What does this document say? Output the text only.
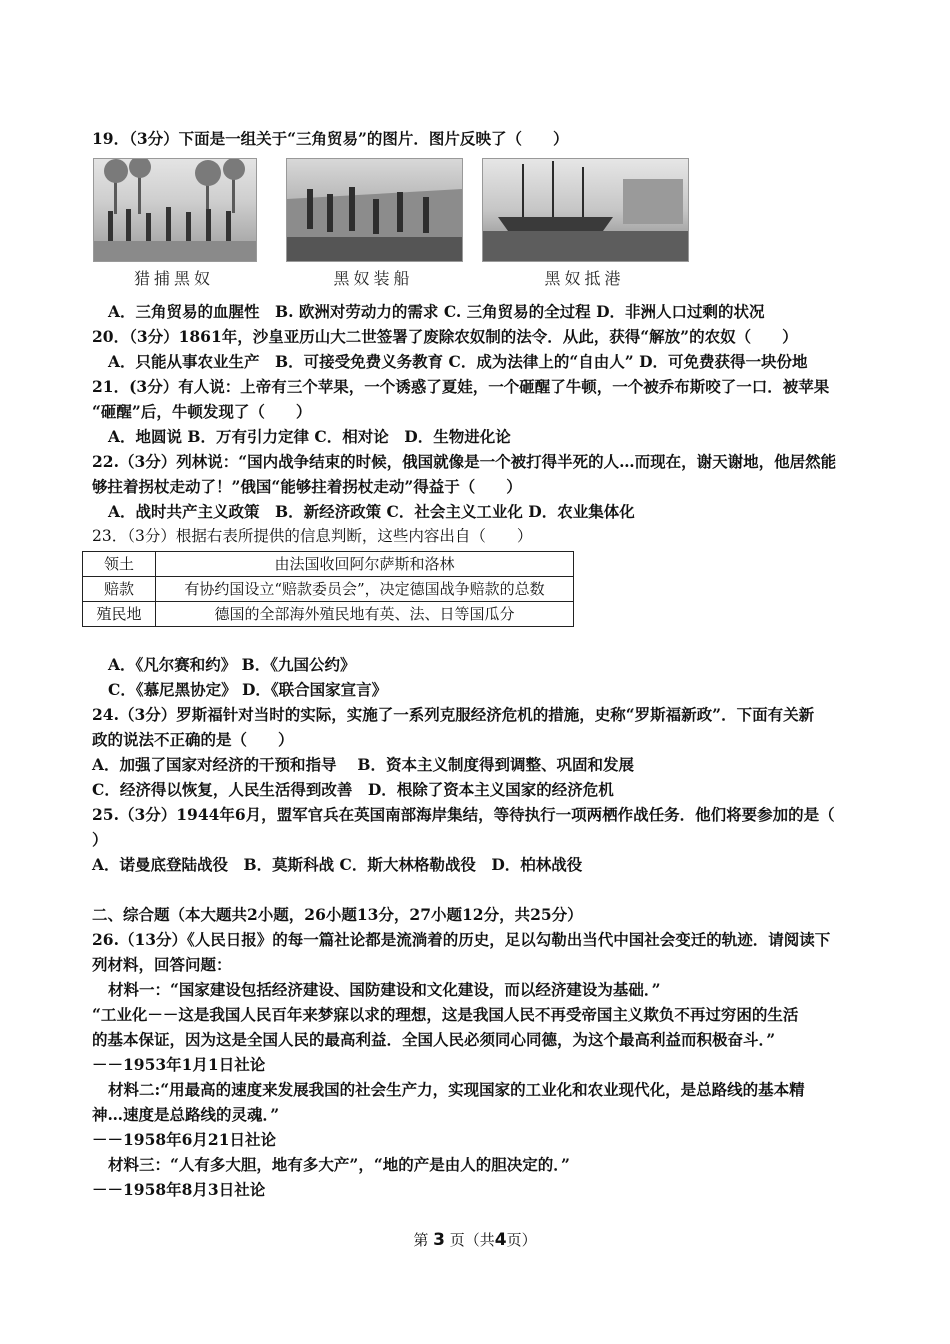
19．（3分）下面是一组关于“三角贸易”的图片．图片反映了（　　）
猎捕黑奴	黑奴装船	黑奴抵港
A．三角贸易的血腥性　B. 欧洲对劳动力的需求 C. 三角贸易的全过程 D．非洲人口过剩的状况
20．（3分）1861年，沙皇亚历山大二世签署了废除农奴制的法令．从此，获得“解放”的农奴（　　）
A．只能从事农业生产　B．可接受免费义务教育 C．成为法律上的“自由人” D．可免费获得一块份地
21．(3分）有人说：上帝有三个苹果，一个诱惑了夏娃，一个砸醒了牛顿，一个被乔布斯咬了一口．被苹果
“砸醒”后，牛顿发现了（　　）
A．地圆说 B．万有引力定律 C．相对论　D．生物进化论
22.（3分）列林说：“国内战争结束的时候，俄国就像是一个被打得半死的人…而现在，谢天谢地，他居然能
够拄着拐杖走动了！”俄国“能够拄着拐杖走动”得益于（　　）
A．战时共产主义政策　B．新经济政策 C．社会主义工业化 D．农业集体化
23．（3分）根据右表所提供的信息判断，这些内容出自（　　）
领土	由法国收回阿尔萨斯和洛林
赔款	有协约国设立“赔款委员会”，决定德国战争赔款的总数
殖民地	德国的全部海外殖民地有英、法、日等国瓜分
A．《凡尔赛和约》 B．《九国公约》
C．《慕尼黑协定》 D．《联合国家宣言》
24.（3分）罗斯福针对当时的实际，实施了一系列克服经济危机的措施，史称“罗斯福新政”．下面有关新
政的说法不正确的是（　　）
A．加强了国家对经济的干预和指导　 B．资本主义制度得到调整、巩固和发展
C．经济得以恢复，人民生活得到改善　D．根除了资本主义国家的经济危机
25.（3分）1944年6月，盟军官兵在英国南部海岸集结，等待执行一项两栖作战任务．他们将要参加的是（
）
A．诺曼底登陆战役　B．莫斯科战 C．斯大林格勒战役　D．柏林战役
二、综合题（本大题共2小题，26小题13分，27小题12分，共25分）
26.（13分）《人民日报》的每一篇社论都是流淌着的历史，足以勾勒出当代中国社会变迁的轨迹．请阅读下
列材料，回答问题：
材料一：“国家建设包括经济建设、国防建设和文化建设，而以经济建设为基础．”
“工业化－－这是我国人民百年来梦寐以求的理想，这是我国人民不再受帝国主义欺负不再过穷困的生活
的基本保证，因为这是全国人民的最高利益．全国人民必须同心同德，为这个最高利益而积极奋斗．”
－－1953年1月1日社论
材料二:“用最高的速度来发展我国的社会生产力，实现国家的工业化和农业现代化，是总路线的基本精
神…速度是总路线的灵魂．”
－－1958年6月21日社论
材料三：“人有多大胆，地有多大产”，“地的产是由人的胆决定的．”
－－1958年8月3日社论
第 3 页（共4页）
